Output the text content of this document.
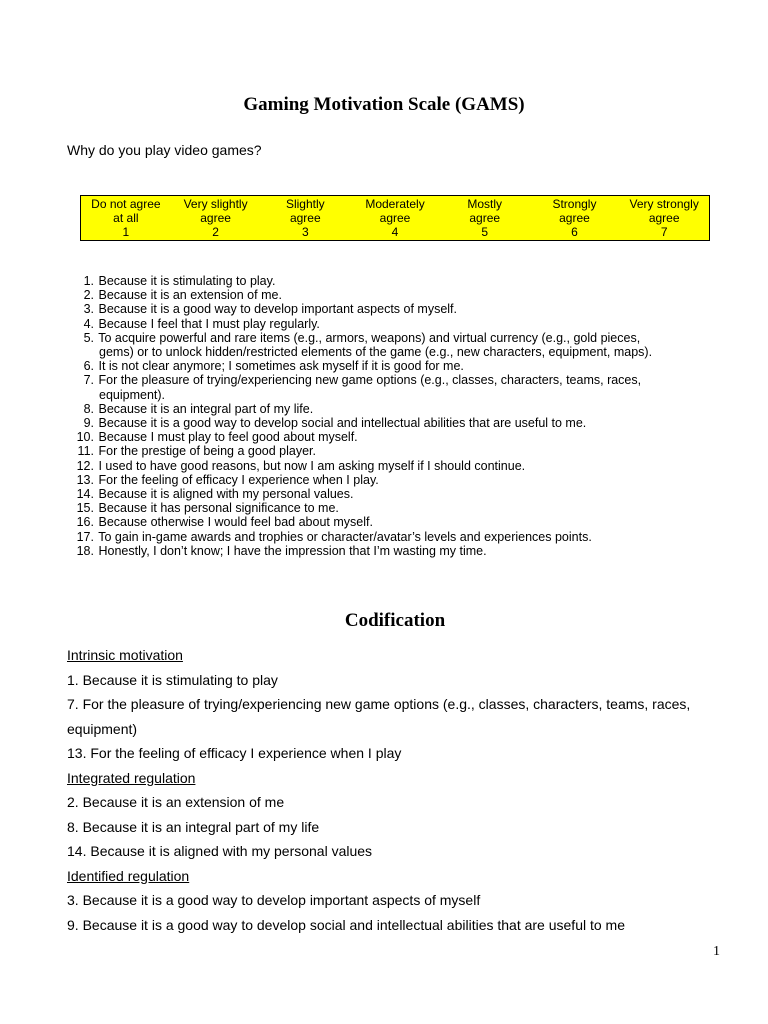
Gaming Motivation Scale (GAMS)
Why do you play video games?
Do not agree
at all
1
Very slightly
agree
2
Slightly
agree
3
Moderately
agree
4
Mostly
agree
5
Strongly
agree
6
Very strongly
agree
7
1. Because it is stimulating to play.
2. Because it is an extension of me.
3. Because it is a good way to develop important aspects of myself.
4. Because I feel that I must play regularly.
5. To acquire powerful and rare items (e.g., armors, weapons) and virtual currency (e.g., gold pieces,
gems) or to unlock hidden/restricted elements of the game (e.g., new characters, equipment, maps).
6. It is not clear anymore; I sometimes ask myself if it is good for me.
7. For the pleasure of trying/experiencing new game options (e.g., classes, characters, teams, races,
equipment).
8. Because it is an integral part of my life.
9. Because it is a good way to develop social and intellectual abilities that are useful to me.
10. Because I must play to feel good about myself.
11. For the prestige of being a good player.
12. I used to have good reasons, but now I am asking myself if I should continue.
13. For the feeling of efficacy I experience when I play.
14. Because it is aligned with my personal values.
15. Because it has personal significance to me.
16. Because otherwise I would feel bad about myself.
17. To gain in-game awards and trophies or character/avatar’s levels and experiences points.
18. Honestly, I don’t know; I have the impression that I’m wasting my time.
Codification
Intrinsic motivation
1. Because it is stimulating to play
7. For the pleasure of trying/experiencing new game options (e.g., classes, characters, teams, races,
equipment)
13. For the feeling of efficacy I experience when I play
Integrated regulation
2. Because it is an extension of me
8. Because it is an integral part of my life
14. Because it is aligned with my personal values
Identified regulation
3. Because it is a good way to develop important aspects of myself
9. Because it is a good way to develop social and intellectual abilities that are useful to me
1
